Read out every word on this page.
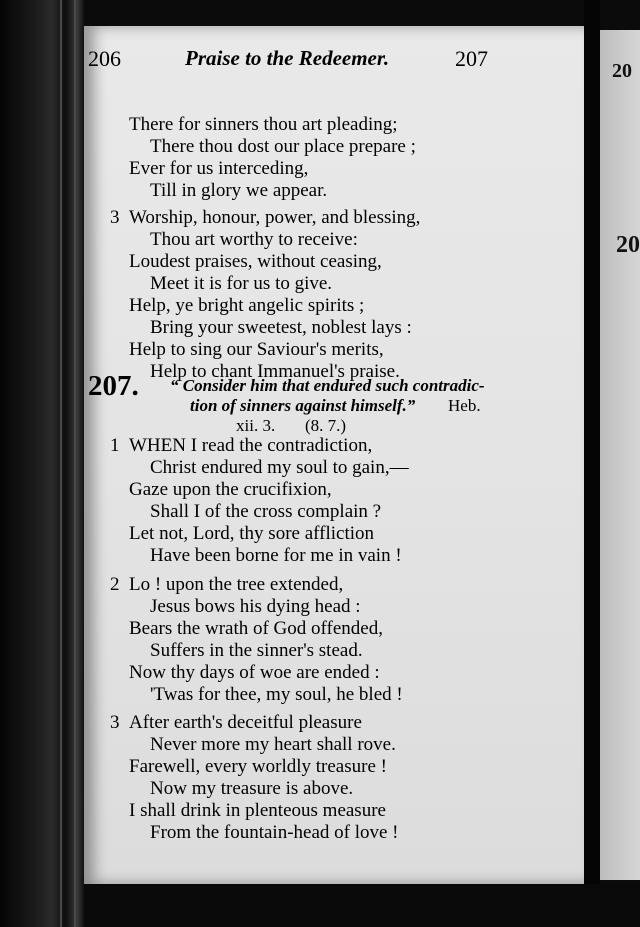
20
20
206	Praise to the Redeemer.	207
There for sinners thou art pleading;
There thou dost our place prepare ;
Ever for us interceding,
Till in glory we appear.
3 Worship, honour, power, and blessing,
Thou art worthy to receive:
Loudest praises, without ceasing,
Meet it is for us to give.
Help, ye bright angelic spirits ;
Bring your sweetest, noblest lays :
Help to sing our Saviour's merits,
Help to chant Immanuel's praise.
207. “ Consider him that endured such contradic-
tion of sinners against himself.” Heb.
xii. 3. (8. 7.)
1 WHEN I read the contradiction,
Christ endured my soul to gain,—
Gaze upon the crucifixion,
Shall I of the cross complain ?
Let not, Lord, thy sore affliction
Have been borne for me in vain !
2 Lo ! upon the tree extended,
Jesus bows his dying head :
Bears the wrath of God offended,
Suffers in the sinner's stead.
Now thy days of woe are ended :
'Twas for thee, my soul, he bled !
3 After earth's deceitful pleasure
Never more my heart shall rove.
Farewell, every worldly treasure !
Now my treasure is above.
I shall drink in plenteous measure
From the fountain-head of love !
